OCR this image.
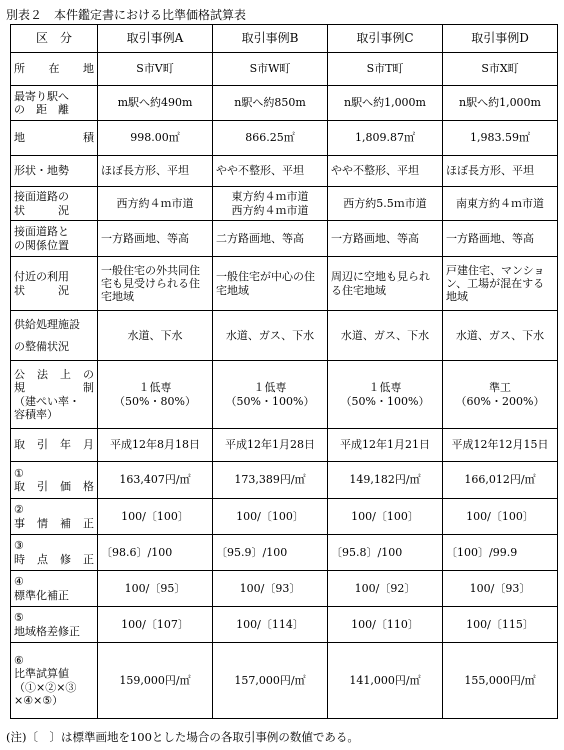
別表２　本件鑑定書における比準価格試算表
区　分	取引事例A	取引事例B	取引事例C	取引事例D

所　在　地	S市V町	S市W町	S市T町	S市X町

最寄り駅へ
の　距　離	m駅へ約490m	n駅へ約850m	n駅へ約1,000m	n駅へ約1,000m

地　　　積	998.00㎡	866.25㎡	1,809.87㎡	1,983.59㎡

形状・地勢	ほぼ長方形、平坦	やや不整形、平坦	やや不整形、平坦	ほぼ長方形、平坦

接面道路の
状　　　況	西方約４ｍ市道	東方約４ｍ市道
西方約４ｍ市道	西方約5.5ｍ市道	南東方約４ｍ市道

接面道路と
の関係位置	一方路画地、等高	二方路画地、等高	一方路画地、等高	一方路画地、等高

付近の利用
状　　　況	一般住宅の外共同住宅も見受けられる住宅地域	一般住宅が中心の住宅地域	周辺に空地も見られる住宅地域	戸建住宅、マンション、工場が混在する地域

供給処理施設
の整備状況	水道、下水	水道、ガス、下水	水道、ガス、下水	水道、ガス、下水

公 法 上 の
規　　　制
（建ぺい率・
容積率）	１低専
（50%・80%）	１低専
（50%・100%）	１低専
（50%・100%）	準工
（60%・200%）

取　引　年　月	平成12年8月18日	平成12年1月28日	平成12年1月21日	平成12年12月15日

①
取　引　価　格	163,407円/㎡	173,389円/㎡	149,182円/㎡	166,012円/㎡

②
事　情　補　正	100/〔100〕	100/〔100〕	100/〔100〕	100/〔100〕

③
時　点　修　正	〔98.6〕/100	〔95.9〕/100	〔95.8〕/100	〔100〕/99.9

④
標準化補正	100/〔95〕	100/〔93〕	100/〔92〕	100/〔93〕

⑤
地域格差修正	100/〔107〕	100/〔114〕	100/〔110〕	100/〔115〕

⑥
比準試算値
（①×②×③
×④×⑤）	159,000円/㎡	157,000円/㎡	141,000円/㎡	155,000円/㎡
(注)〔　〕は標準画地を100とした場合の各取引事例の数値である。
